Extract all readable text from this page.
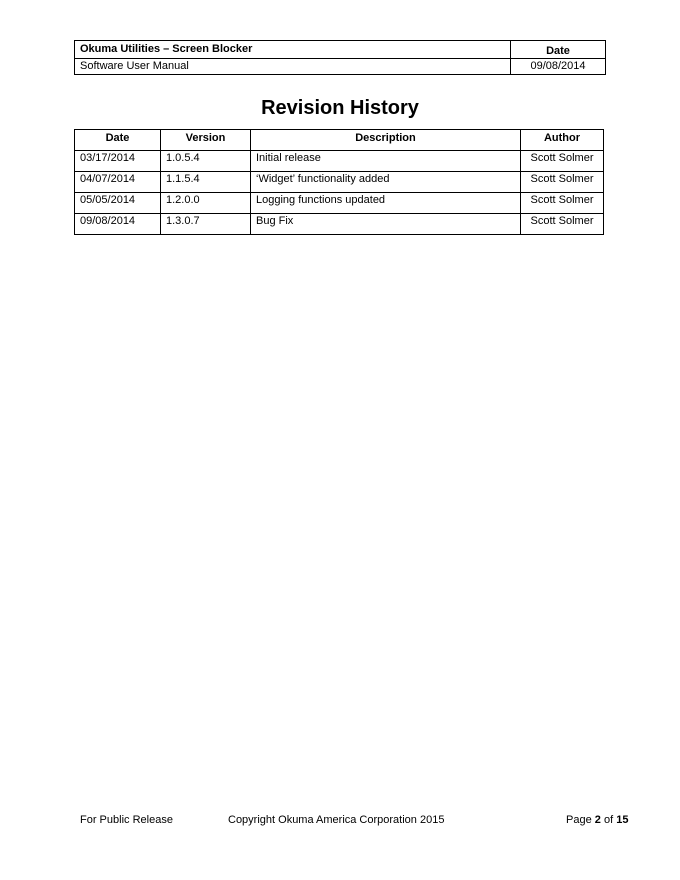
Okuma Utilities – Screen Blocker	Date
Software User Manual	09/08/2014
Revision History
Date	Version	Description	Author
03/17/2014	1.0.5.4	Initial release	Scott Solmer
04/07/2014	1.1.5.4	‘Widget’ functionality added	Scott Solmer
05/05/2014	1.2.0.0	Logging functions updated	Scott Solmer
09/08/2014	1.3.0.7	Bug Fix	Scott Solmer
For Public Release	Copyright Okuma America Corporation 2015	Page 2 of 15
